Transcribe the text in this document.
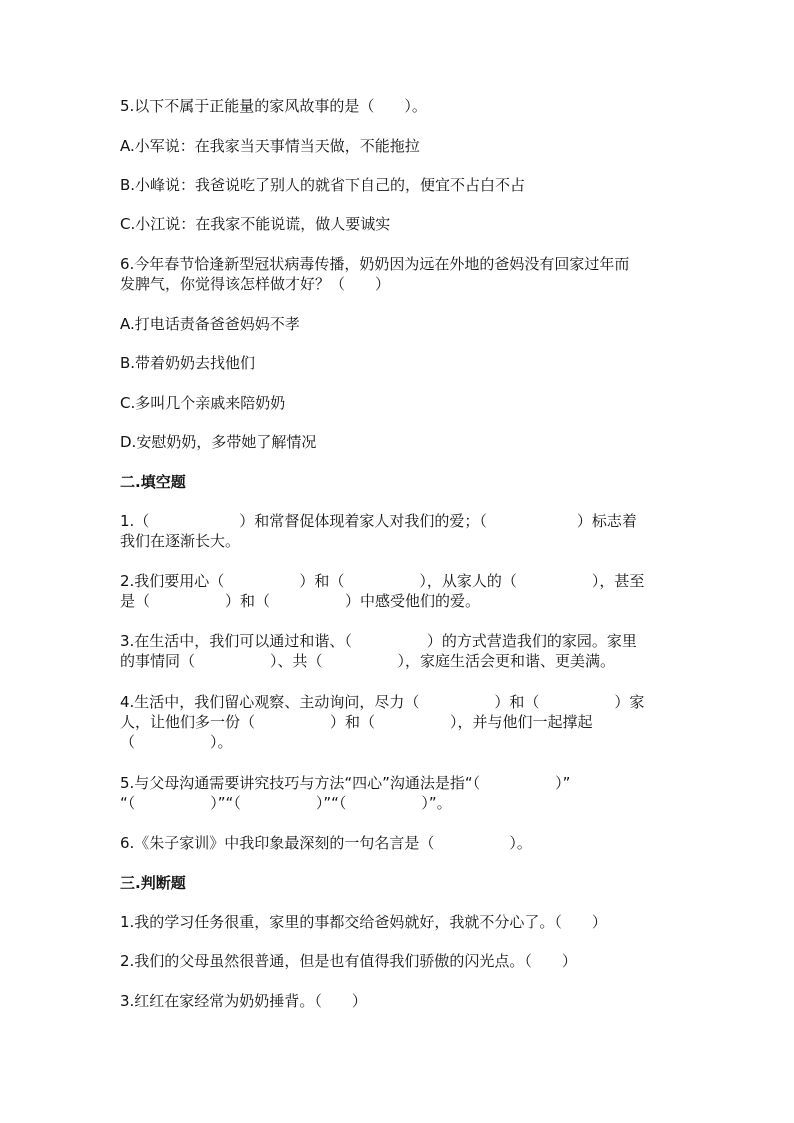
5.以下不属于正能量的家风故事的是（　　）。
A.小军说：在我家当天事情当天做，不能拖拉
B.小峰说：我爸说吃了别人的就省下自己的，便宜不占白不占
C.小江说：在我家不能说谎，做人要诚实
6.今年春节恰逢新型冠状病毒传播，奶奶因为远在外地的爸妈没有回家过年而
发脾气，你觉得该怎样做才好？（　　）
A.打电话责备爸爸妈妈不孝
B.带着奶奶去找他们
C.多叫几个亲戚来陪奶奶
D.安慰奶奶，多带她了解情况
二.填空题
1.（　　　　　　）和常督促体现着家人对我们的爱；（　　　　　　）标志着
我们在逐渐长大。
2.我们要用心（　　　　　）和（　　　　　），从家人的（　　　　　），甚至
是（　　　　　）和（　　　　　）中感受他们的爱。
3.在生活中，我们可以通过和谐、（　　　　　）的方式营造我们的家园。家里
的事情同（　　　　　）、共（　　　　　），家庭生活会更和谐、更美满。
4.生活中，我们留心观察、主动询问，尽力（　　　　　）和（　　　　　）家
人，让他们多一份（　　　　　）和（　　　　　），并与他们一起撑起
（　　　　　）。
5.与父母沟通需要讲究技巧与方法“四心”沟通法是指“（　　　　　）”
“（　　　　　）”“（　　　　　）”“（　　　　　）”。
6.《朱子家训》中我印象最深刻的一句名言是（　　　　　）。
三.判断题
1.我的学习任务很重，家里的事都交给爸妈就好，我就不分心了。（　　）
2.我们的父母虽然很普通，但是也有值得我们骄傲的闪光点。（　　）
3.红红在家经常为奶奶捶背。（　　）
